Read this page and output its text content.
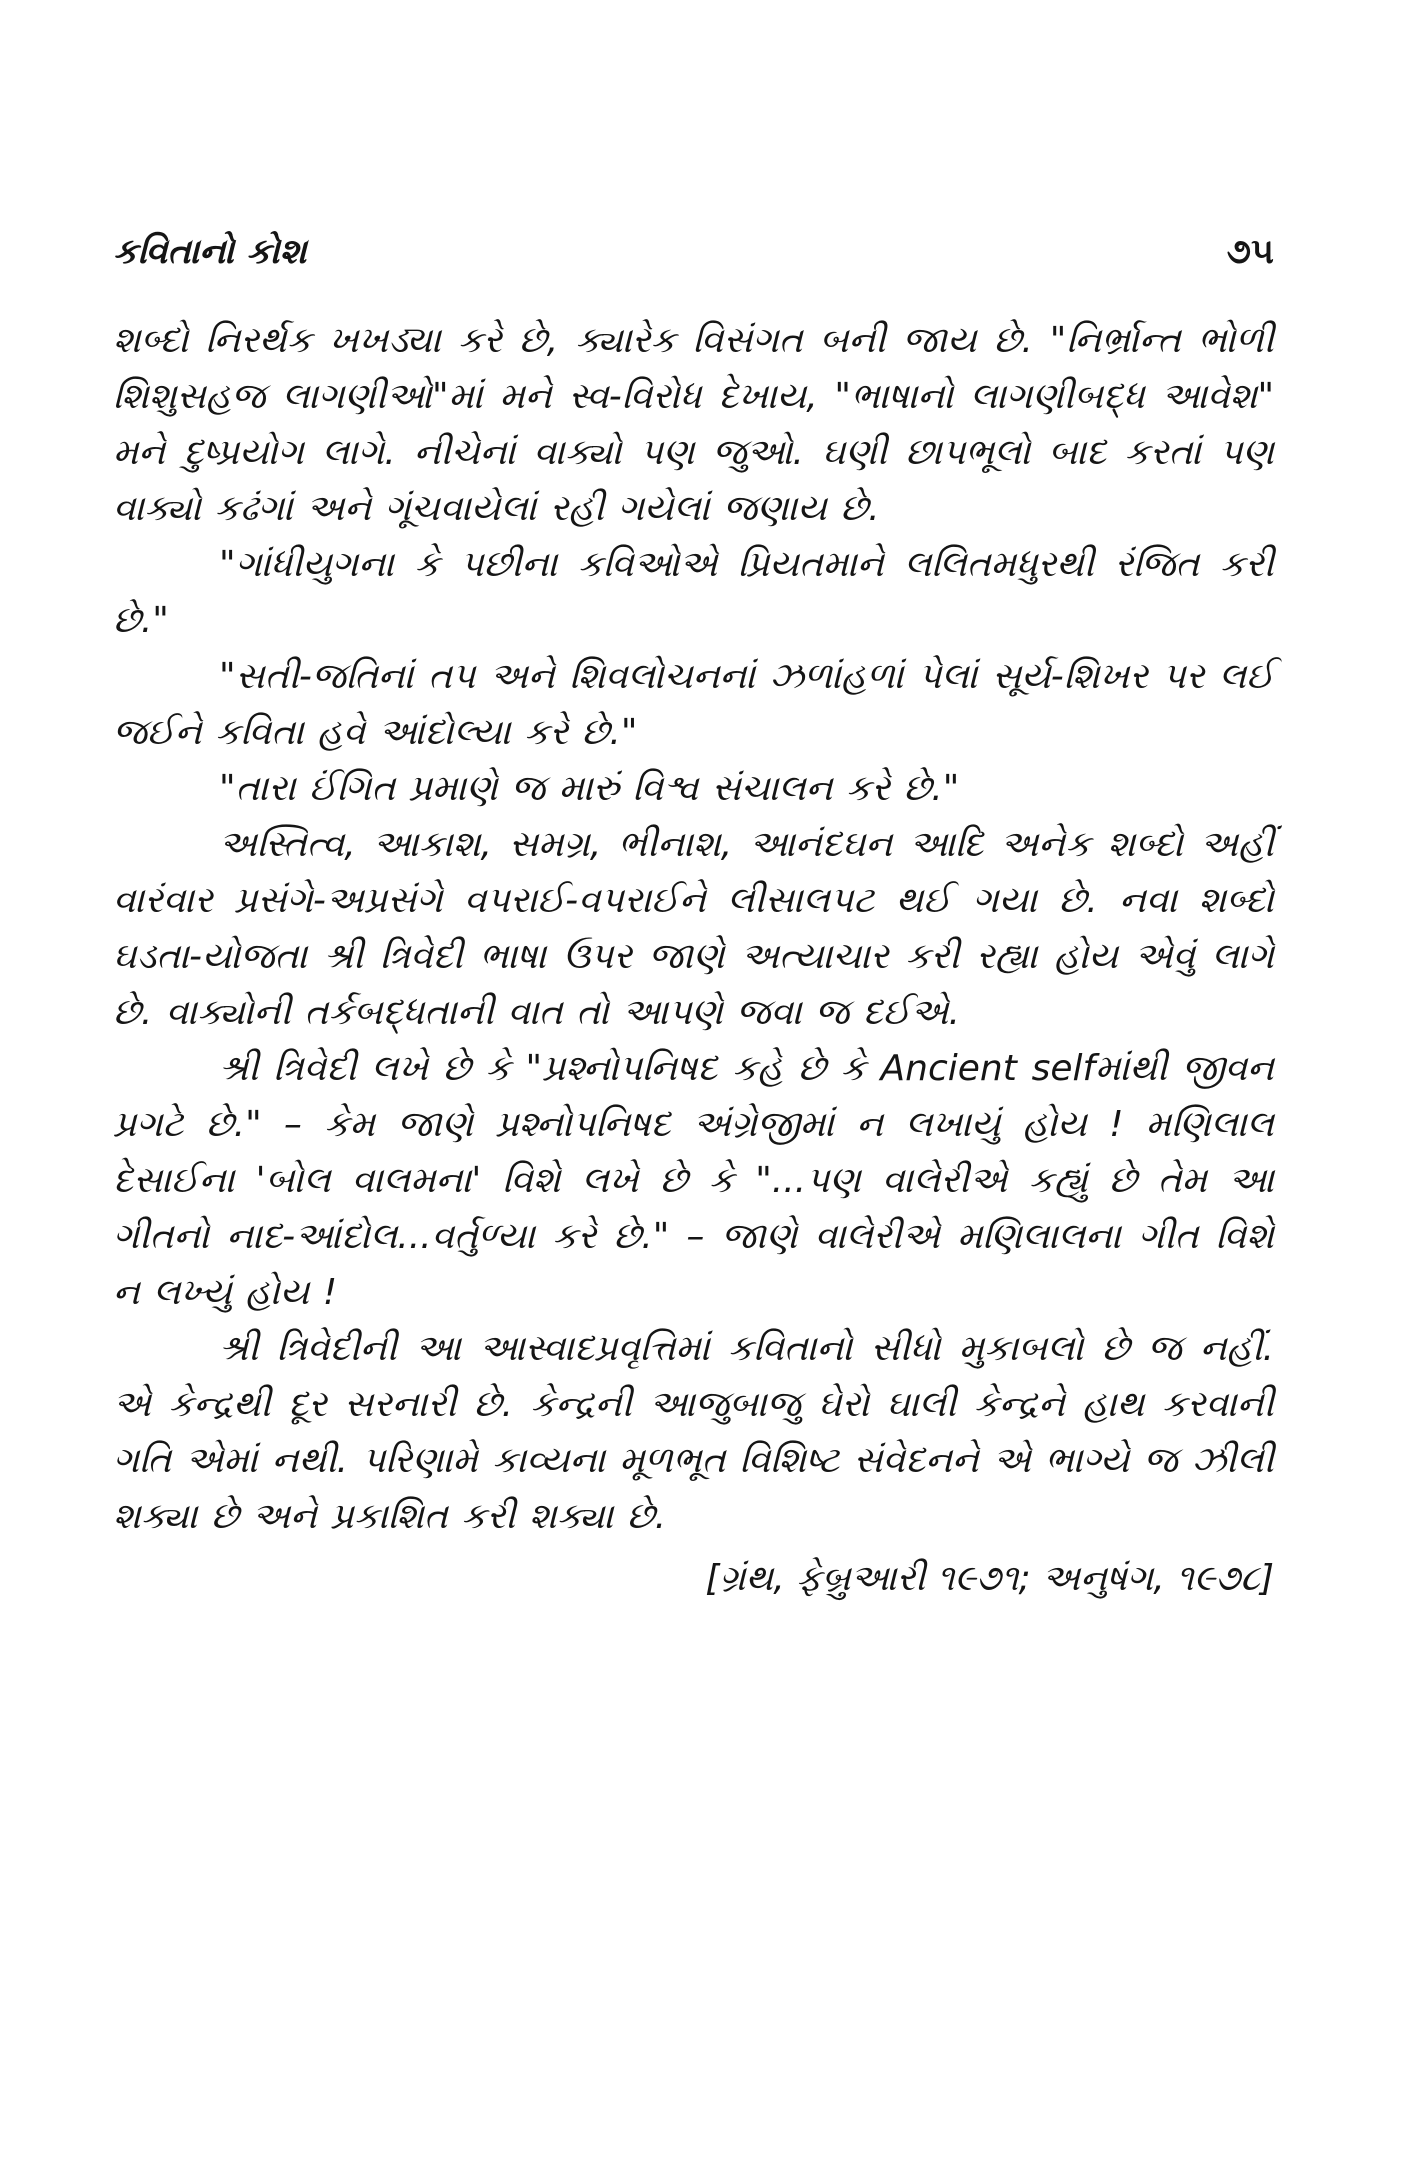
કવિતાનો કોશ	૭૫

શબ્દો નિરર્થક ખખડ્યા કરે છે, ક્યારેક વિસંગત બની જાય છે. "નિર્ભ્રાન્ત ભોળી શિશુસહજ લાગણીઓ"માં મને સ્વ-વિરોધ દેખાય, "ભાષાનો લાગણીબદ્ધ આવેશ" મને દુષ્પ્રયોગ લાગે. નીચેનાં વાક્યો પણ જુઓ. ઘણી છાપભૂલો બાદ કરતાં પણ વાક્યો કઢંગાં અને ગૂંચવાયેલાં રહી ગયેલાં જણાય છે.

"ગાંધીયુગના કે પછીના કવિઓએ પ્રિયતમાને લલિતમધુરથી રંજિત કરી છે."

"સતી-જતિનાં તપ અને શિવલોચનનાં ઝળાંહળાં પેલાં સૂર્ય-શિખર પર લઈ જઈને કવિતા હવે આંદોલ્યા કરે છે."

"તારા ઈંગિત પ્રમાણે જ મારું વિશ્વ સંચાલન કરે છે."

અસ્તિત્વ, આકાશ, સમગ્ર, ભીનાશ, આનંદઘન આદિ અનેક શબ્દો અહીં વારંવાર પ્રસંગે-અપ્રસંગે વપરાઈ-વપરાઈને લીસાલપટ થઈ ગયા છે. નવા શબ્દો ઘડતા-યોજતા શ્રી ત્રિવેદી ભાષા ઉપર જાણે અત્યાચાર કરી રહ્યા હોય એવું લાગે છે. વાક્યોની તર્કબદ્ધતાની વાત તો આપણે જવા જ દઈએ.

શ્રી ત્રિવેદી લખે છે કે "પ્રશ્નોપનિષદ કહે છે કે Ancient selfમાંથી જીવન પ્રગટે છે." – કેમ જાણે પ્રશ્નોપનિષદ અંગ્રેજીમાં ન લખાયું હોય ! મણિલાલ દેસાઈના 'બોલ વાલમના' વિશે લખે છે કે "...પણ વાલેરીએ કહ્યું છે તેમ આ ગીતનો નાદ-આંદોલ...વર્તુળ્યા કરે છે." – જાણે વાલેરીએ મણિલાલના ગીત વિશે ન લખ્યું હોય !

શ્રી ત્રિવેદીની આ આસ્વાદપ્રવૃત્તિમાં કવિતાનો સીધો મુકાબલો છે જ નહીં. એ કેન્દ્રથી દૂર સરનારી છે. કેન્દ્રની આજુબાજુ ઘેરો ઘાલી કેન્દ્રને હાથ કરવાની ગતિ એમાં નથી. પરિણામે કાવ્યના મૂળભૂત વિશિષ્ટ સંવેદનને એ ભાગ્યે જ ઝીલી શક્યા છે અને પ્રકાશિત કરી શક્યા છે.

[ગ્રંથ, ફેબ્રુઆરી ૧૯૭૧; અનુષંગ, ૧૯૭૮]
